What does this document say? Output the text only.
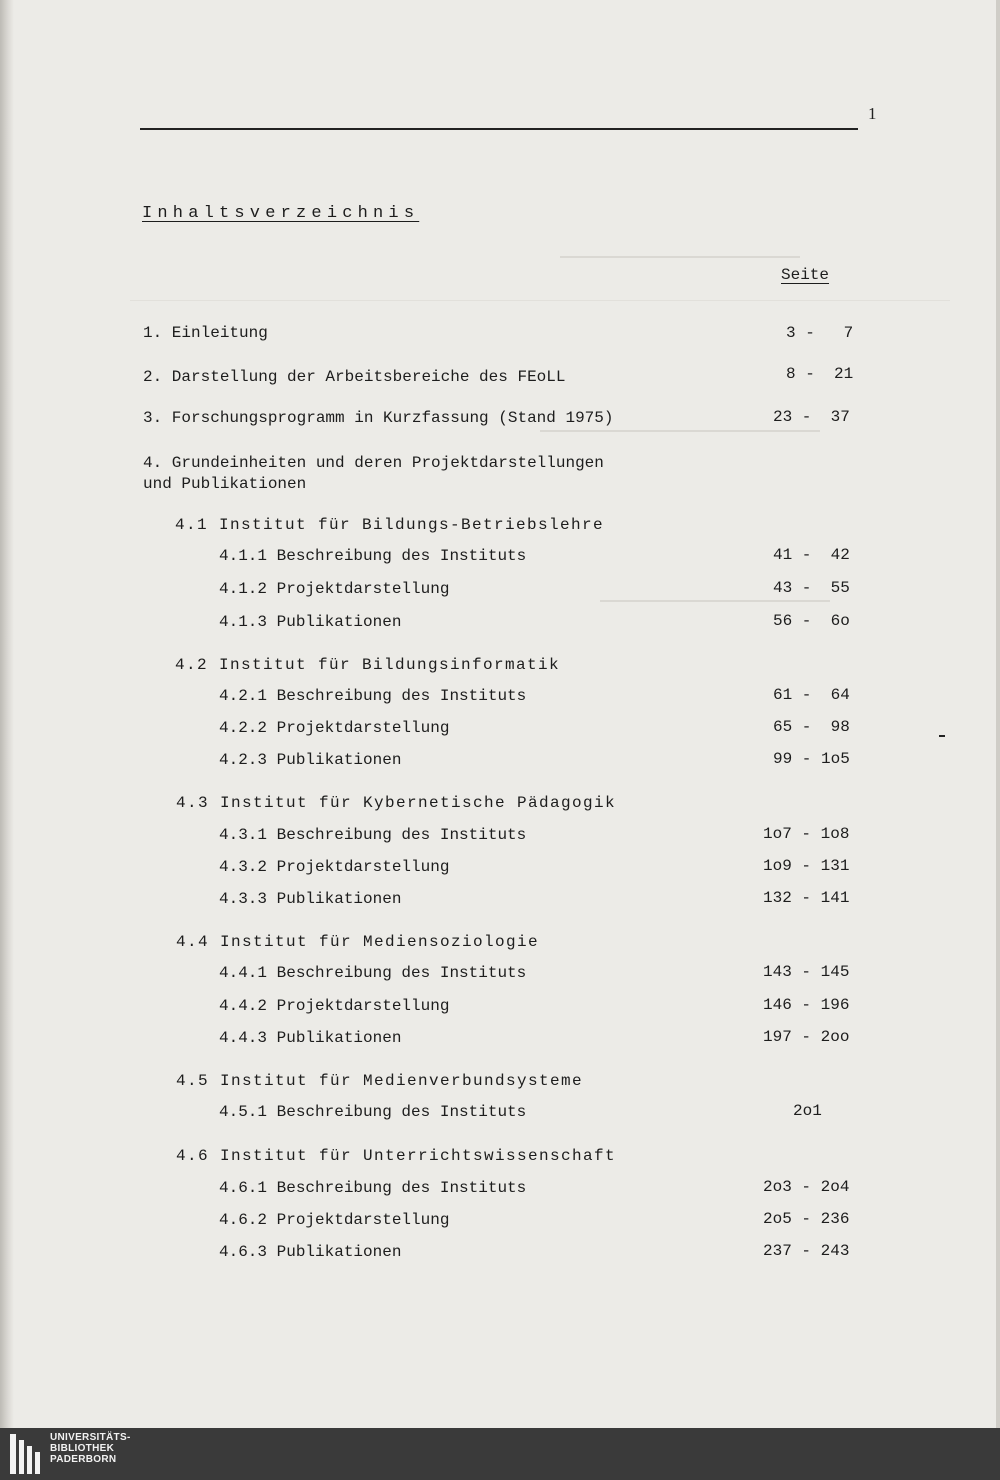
1
Inhaltsverzeichnis
Seite
1. Einleitung	3 -   7
2. Darstellung der Arbeitsbereiche des FEoLL	8 -  21
3. Forschungsprogramm in Kurzfassung (Stand 1975)	23 -  37
4. Grundeinheiten und deren Projektdarstellungen
und Publikationen
4.1 Institut für Bildungs-Betriebslehre
4.1.1 Beschreibung des Instituts	41 -  42
4.1.2 Projektdarstellung	43 -  55
4.1.3 Publikationen	56 -  6o
4.2 Institut für Bildungsinformatik
4.2.1 Beschreibung des Instituts	61 -  64
4.2.2 Projektdarstellung	65 -  98
4.2.3 Publikationen	99 - 1o5
4.3 Institut für Kybernetische Pädagogik
4.3.1 Beschreibung des Instituts	1o7 - 1o8
4.3.2 Projektdarstellung	1o9 - 131
4.3.3 Publikationen	132 - 141
4.4 Institut für Mediensoziologie
4.4.1 Beschreibung des Instituts	143 - 145
4.4.2 Projektdarstellung	146 - 196
4.4.3 Publikationen	197 - 2oo
4.5 Institut für Medienverbundsysteme
4.5.1 Beschreibung des Instituts	2o1
4.6 Institut für Unterrichtswissenschaft
4.6.1 Beschreibung des Instituts	2o3 - 2o4
4.6.2 Projektdarstellung	2o5 - 236
4.6.3 Publikationen	237 - 243
UNIVERSITÄTS-
BIBLIOTHEK
PADERBORN
